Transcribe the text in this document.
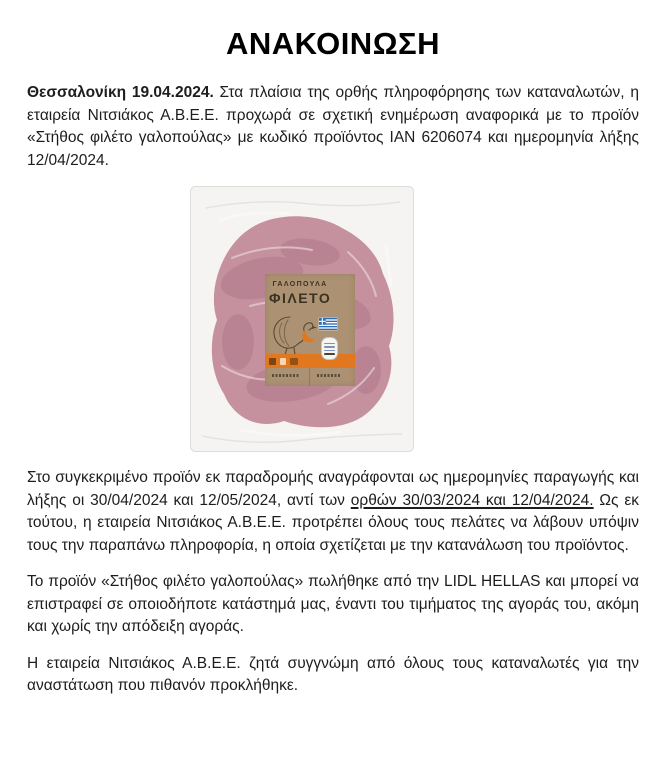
ΑΝΑΚΟΙΝΩΣΗ

Θεσσαλονίκη 19.04.2024. Στα πλαίσια της ορθής πληροφόρησης των καταναλωτών, η εταιρεία Νιτσιάκος Α.Β.Ε.Ε. προχωρά σε σχετική ενημέρωση αναφορικά με το προϊόν «Στήθος φιλέτο γαλοπούλας» με κωδικό προϊόντος ΙΑΝ 6206074 και ημερομηνία λήξης 12/04/2024.

ΓΑΛΟΠΟΥΛΑ
ΦΙΛΕΤΟ

Στο συγκεκριμένο προϊόν εκ παραδρομής αναγράφονται ως ημερομηνίες παραγωγής και λήξης οι 30/04/2024 και 12/05/2024, αντί των ορθών 30/03/2024 και 12/04/2024. Ως εκ τούτου, η εταιρεία Νιτσιάκος Α.Β.Ε.Ε. προτρέπει όλους τους πελάτες να λάβουν υπόψιν τους την παραπάνω πληροφορία, η οποία σχετίζεται με την κατανάλωση του προϊόντος.

Το προϊόν «Στήθος φιλέτο γαλοπούλας» πωλήθηκε από την LIDL HELLAS και μπορεί να επιστραφεί σε οποιοδήποτε κατάστημά μας, έναντι του τιμήματος της αγοράς του, ακόμη και χωρίς την απόδειξη αγοράς.

Η εταιρεία Νιτσιάκος Α.Β.Ε.Ε. ζητά συγγνώμη από όλους τους καταναλωτές για την αναστάτωση που πιθανόν προκλήθηκε.
